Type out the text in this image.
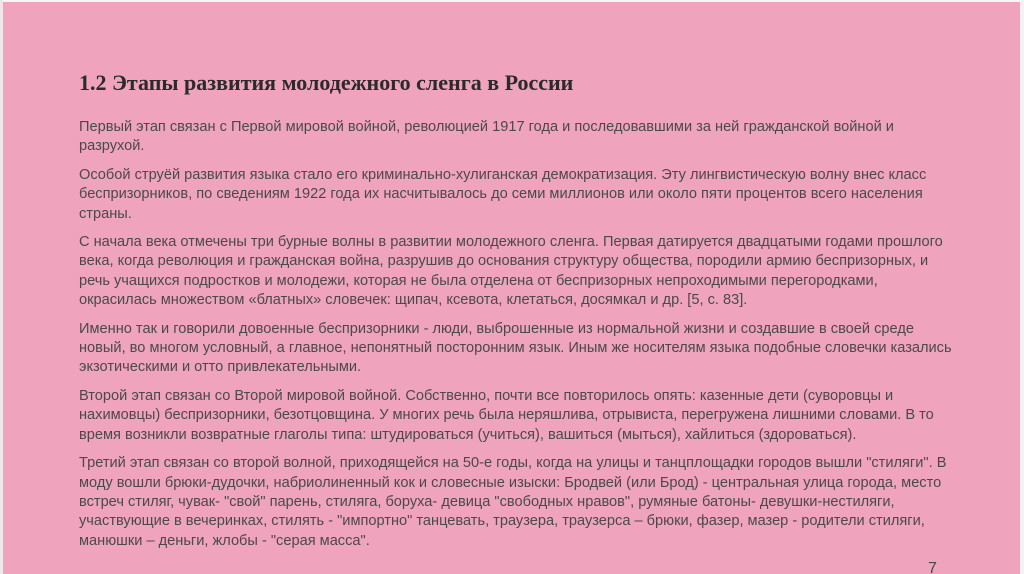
1.2 Этапы развития молодежного сленга в России

Первый этап связан с Первой мировой войной, революцией 1917 года и последовавшими за ней гражданской войной и разрухой.

Особой струёй развития языка стало его криминально-хулиганская демократизация. Эту лингвистическую волну внес класс беспризорников, по сведениям 1922 года их насчитывалось до семи миллионов или около пяти процентов всего населения страны.

С начала века отмечены три бурные волны в развитии молодежного сленга. Первая датируется двадцатыми годами прошлого века, когда революция и гражданская война, разрушив до основания структуру общества, породили армию беспризорных, и речь учащихся подростков и молодежи, которая не была отделена от беспризорных непроходимыми перегородками, окрасилась множеством «блатных» словечек: щипач, ксевота, клетаться, досямкал и др. [5, с. 83].

Именно так и говорили довоенные беспризорники - люди, выброшенные из нормальной жизни и создавшие в своей среде новый, во многом условный, а главное, непонятный посторонним язык. Иным же носителям языка подобные словечки казались экзотическими и отто привлекательными.

Второй этап связан со Второй мировой войной. Собственно, почти все повторилось опять: казенные дети (суворовцы и нахимовцы) беспризорники, безотцовщина. У многих речь была неряшлива, отрывиста, перегружена лишними словами. В то время возникли возвратные глаголы типа: штудироваться (учиться), вашиться (мыться), хайлиться (здороваться).

Третий этап связан со второй волной, приходящейся на 50-е годы, когда на улицы и танцплощадки городов вышли "стиляги". В моду вошли брюки-дудочки, набриолиненный кок и словесные изыски: Бродвей (или Брод) - центральная улица города, место встреч стиляг, чувак- "свой" парень, стиляга, боруха- девица "свободных нравов", румяные батоны- девушки-нестиляги, участвующие в вечеринках, стилять - "импортно" танцевать, траузера, траузерса – брюки, фазер, мазер - родители стиляги, манюшки – деньги, жлобы - "серая масса".

7
